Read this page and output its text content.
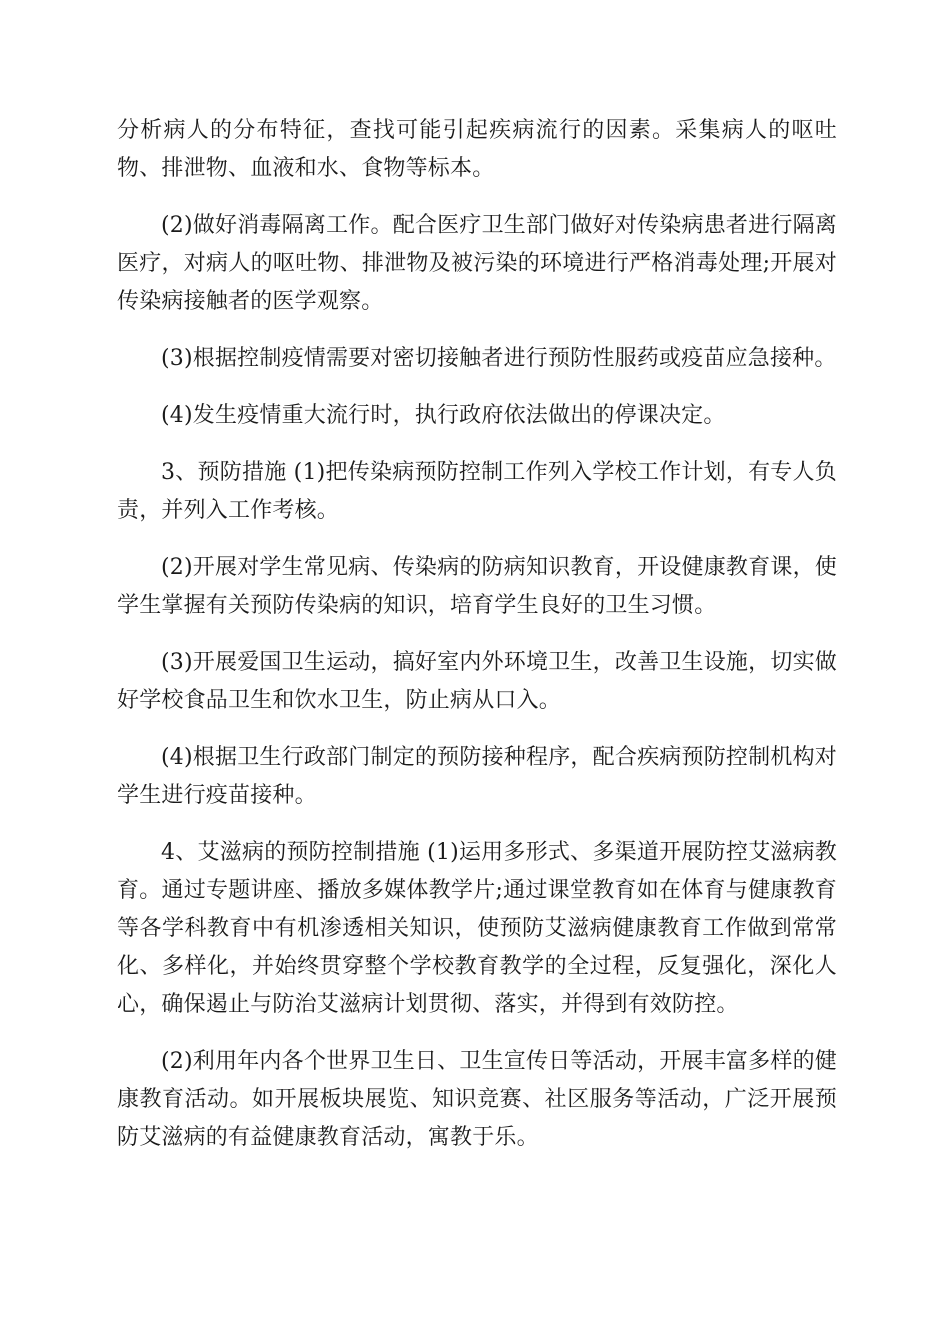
分析病人的分布特征，查找可能引起疾病流行的因素。采集病人的呕吐物、排泄物、血液和水、食物等标本。

(2)做好消毒隔离工作。配合医疗卫生部门做好对传染病患者进行隔离医疗，对病人的呕吐物、排泄物及被污染的环境进行严格消毒处理;开展对传染病接触者的医学观察。

(3)根据控制疫情需要对密切接触者进行预防性服药或疫苗应急接种。

(4)发生疫情重大流行时，执行政府依法做出的停课决定。

3、预防措施 (1)把传染病预防控制工作列入学校工作计划，有专人负责，并列入工作考核。

(2)开展对学生常见病、传染病的防病知识教育，开设健康教育课，使学生掌握有关预防传染病的知识，培育学生良好的卫生习惯。

(3)开展爱国卫生运动，搞好室内外环境卫生，改善卫生设施，切实做好学校食品卫生和饮水卫生，防止病从口入。

(4)根据卫生行政部门制定的预防接种程序，配合疾病预防控制机构对学生进行疫苗接种。

4、艾滋病的预防控制措施 (1)运用多形式、多渠道开展防控艾滋病教育。通过专题讲座、播放多媒体教学片;通过课堂教育如在体育与健康教育等各学科教育中有机渗透相关知识，使预防艾滋病健康教育工作做到常常化、多样化，并始终贯穿整个学校教育教学的全过程，反复强化，深化人心，确保遏止与防治艾滋病计划贯彻、落实，并得到有效防控。

(2)利用年内各个世界卫生日、卫生宣传日等活动，开展丰富多样的健康教育活动。如开展板块展览、知识竞赛、社区服务等活动，广泛开展预防艾滋病的有益健康教育活动，寓教于乐。
